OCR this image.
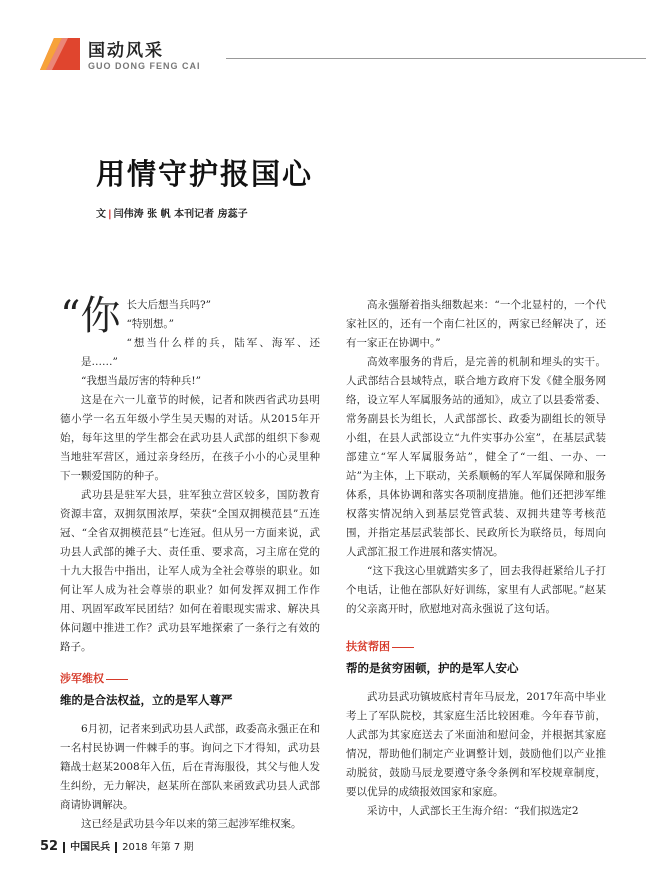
国动风采
GUO DONG FENG CAI
用情守护报国心
文 | 闫伟涛 张 帆 本刊记者 房蕊子
“你 长大后想当兵吗?”

“特别想。”

“想当什么样的兵，陆军、海军、还是……”

“我想当最厉害的特种兵!”

这是在六一儿童节的时候，记者和陕西省武功县明德小学一名五年级小学生吴天赐的对话。从2015年开始，每年这里的学生都会在武功县人武部的组织下参观当地驻军营区，通过亲身经历，在孩子小小的心灵里种下一颗爱国防的种子。

武功县是驻军大县，驻军独立营区较多，国防教育资源丰富，双拥氛围浓厚，荣获“全国双拥模范县”五连冠、“全省双拥模范县”七连冠。但从另一方面来说，武功县人武部的摊子大、责任重、要求高，习主席在党的十九大报告中指出，让军人成为全社会尊崇的职业。如何让军人成为社会尊崇的职业？如何发挥双拥工作作用、巩固军政军民团结？如何在着眼现实需求、解决具体问题中推进工作？武功县军地探索了一条行之有效的路子。

涉军维权
维的是合法权益，立的是军人尊严

6月初，记者来到武功县人武部，政委高永强正在和一名村民协调一件棘手的事。询问之下才得知，武功县籍战士赵某2008年入伍，后在青海服役，其父与他人发生纠纷，无力解决，赵某所在部队来函致武功县人武部商请协调解决。

这已经是武功县今年以来的第三起涉军维权案。

高永强掰着指头细数起来：“一个北显村的，一个代家社区的，还有一个南仁社区的，两家已经解决了，还有一家正在协调中。”

高效率服务的背后，是完善的机制和埋头的实干。人武部结合县域特点，联合地方政府下发《健全服务网络，设立军人军属服务站的通知》，成立了以县委常委、常务副县长为组长，人武部部长、政委为副组长的领导小组，在县人武部设立“九件实事办公室”，在基层武装部建立“军人军属服务站”，健全了“一组、一办、一站”为主体，上下联动，关系顺畅的军人军属保障和服务体系，具体协调和落实各项制度措施。他们还把涉军维权落实情况纳入到基层党管武装、双拥共建等考核范围，并指定基层武装部长、民政所长为联络员，每周向人武部汇报工作进展和落实情况。

“这下我这心里就踏实多了，回去我得赶紧给儿子打个电话，让他在部队好好训练，家里有人武部呢。”赵某的父亲离开时，欣慰地对高永强说了这句话。

扶贫帮困
帮的是贫穷困顿，护的是军人安心

武功县武功镇坡底村青年马辰龙，2017年高中毕业考上了军队院校，其家庭生活比较困难。今年春节前，人武部为其家庭送去了米面油和慰问金，并根据其家庭情况，帮助他们制定产业调整计划，鼓励他们以产业推动脱贫，鼓励马辰龙要遵守条令条例和军校规章制度，要以优异的成绩报效国家和家庭。

采访中，人武部长王生海介绍：“我们拟选定2

52 中国民兵 2018 年第 7 期
